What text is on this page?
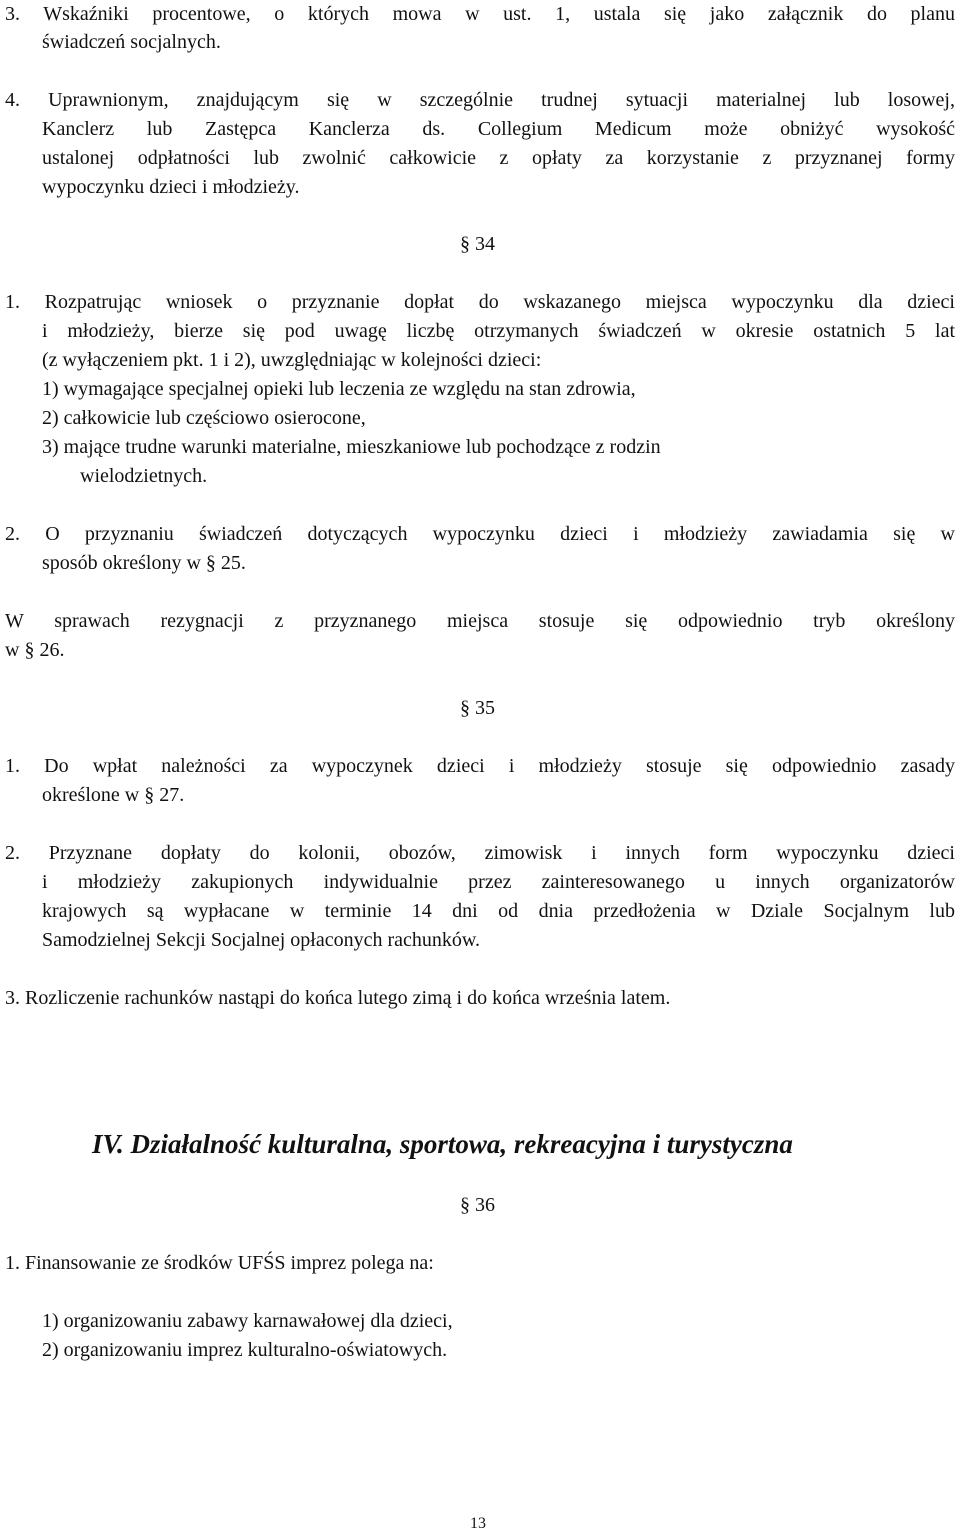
3. Wskaźniki procentowe, o których mowa w ust. 1, ustala się jako załącznik do planu
świadczeń socjalnych.
4. Uprawnionym, znajdującym się w szczególnie trudnej sytuacji materialnej lub losowej,
Kanclerz lub Zastępca Kanclerza ds. Collegium Medicum może obniżyć wysokość
ustalonej odpłatności lub zwolnić całkowicie z opłaty za korzystanie z przyznanej formy
wypoczynku dzieci i młodzieży.
§ 34
1. Rozpatrując wniosek o przyznanie dopłat do wskazanego miejsca wypoczynku dla dzieci
i młodzieży, bierze się pod uwagę liczbę otrzymanych świadczeń w okresie ostatnich 5 lat
(z wyłączeniem pkt. 1 i 2), uwzględniając w kolejności dzieci:
1) wymagające specjalnej opieki lub leczenia ze względu na stan zdrowia,
2) całkowicie lub częściowo osierocone,
3) mające trudne warunki materialne, mieszkaniowe lub pochodzące z rodzin
wielodzietnych.
2. O przyznaniu świadczeń dotyczących wypoczynku dzieci i młodzieży zawiadamia się w
sposób określony w § 25.
W sprawach rezygnacji z przyznanego miejsca stosuje się odpowiednio tryb określony
w § 26.
§ 35
1. Do wpłat należności za wypoczynek dzieci i młodzieży stosuje się odpowiednio zasady
określone w § 27.
2. Przyznane dopłaty do kolonii, obozów, zimowisk i innych form wypoczynku dzieci
i młodzieży zakupionych indywidualnie przez zainteresowanego u innych organizatorów
krajowych są wypłacane w terminie 14 dni od dnia przedłożenia w Dziale Socjalnym lub
Samodzielnej Sekcji Socjalnej opłaconych rachunków.
3. Rozliczenie rachunków nastąpi do końca lutego zimą i do końca września latem.
IV. Działalność kulturalna, sportowa, rekreacyjna i turystyczna
§ 36
1. Finansowanie ze środków UFŚS imprez polega na:
1) organizowaniu zabawy karnawałowej dla dzieci,
2) organizowaniu imprez kulturalno-oświatowych.
13
